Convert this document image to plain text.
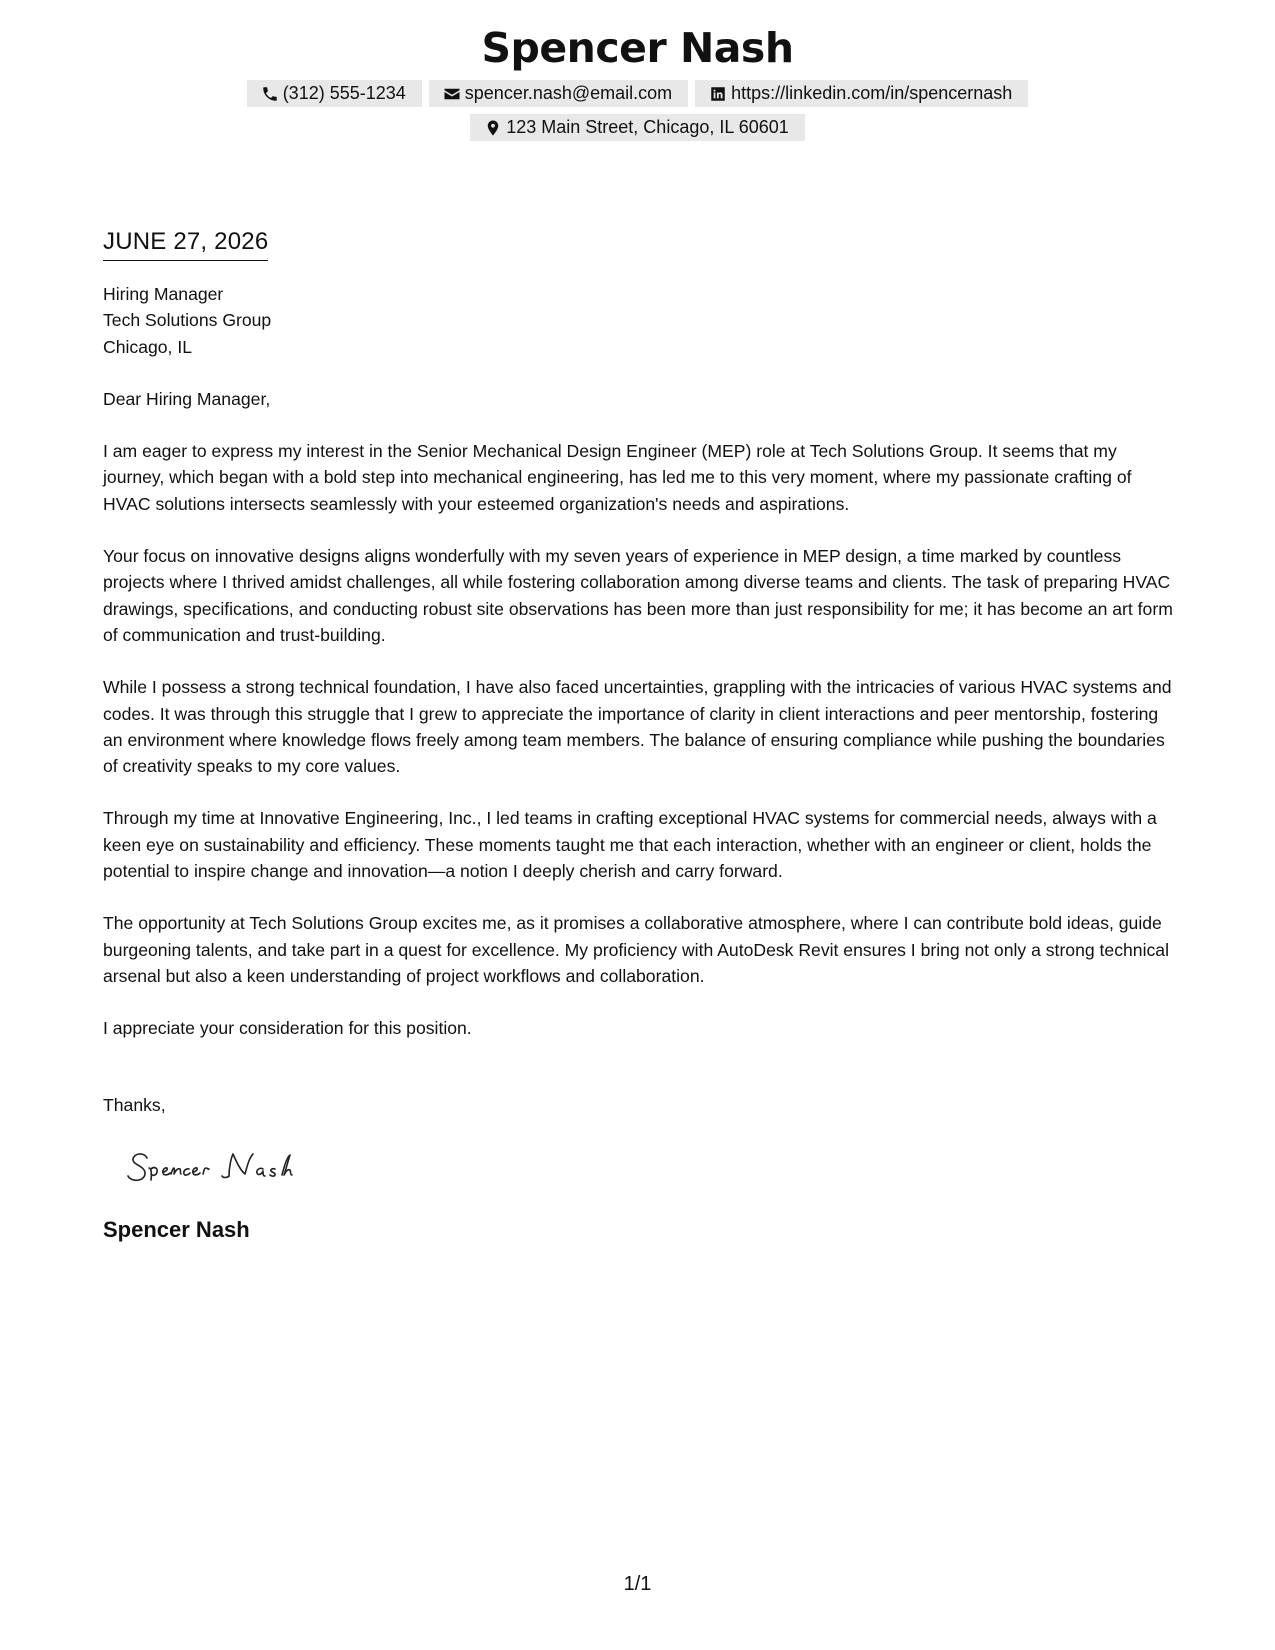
Spencer Nash
(312) 555-1234	spencer.nash@email.com	https://linkedin.com/in/spencernash
123 Main Street, Chicago, IL 60601
JUNE 27, 2026
Hiring Manager
Tech Solutions Group
Chicago, IL
Dear Hiring Manager,

I am eager to express my interest in the Senior Mechanical Design Engineer (MEP) role at Tech Solutions Group. It seems that my journey, which began with a bold step into mechanical engineering, has led me to this very moment, where my passionate crafting of HVAC solutions intersects seamlessly with your esteemed organization's needs and aspirations.

Your focus on innovative designs aligns wonderfully with my seven years of experience in MEP design, a time marked by countless projects where I thrived amidst challenges, all while fostering collaboration among diverse teams and clients. The task of preparing HVAC drawings, specifications, and conducting robust site observations has been more than just responsibility for me; it has become an art form of communication and trust-building.

While I possess a strong technical foundation, I have also faced uncertainties, grappling with the intricacies of various HVAC systems and codes. It was through this struggle that I grew to appreciate the importance of clarity in client interactions and peer mentorship, fostering an environment where knowledge flows freely among team members. The balance of ensuring compliance while pushing the boundaries of creativity speaks to my core values.

Through my time at Innovative Engineering, Inc., I led teams in crafting exceptional HVAC systems for commercial needs, always with a keen eye on sustainability and efficiency. These moments taught me that each interaction, whether with an engineer or client, holds the potential to inspire change and innovation—a notion I deeply cherish and carry forward.

The opportunity at Tech Solutions Group excites me, as it promises a collaborative atmosphere, where I can contribute bold ideas, guide burgeoning talents, and take part in a quest for excellence. My proficiency with AutoDesk Revit ensures I bring not only a strong technical arsenal but also a keen understanding of project workflows and collaboration.

I appreciate your consideration for this position.

Thanks,
Spencer Nash
1/1
